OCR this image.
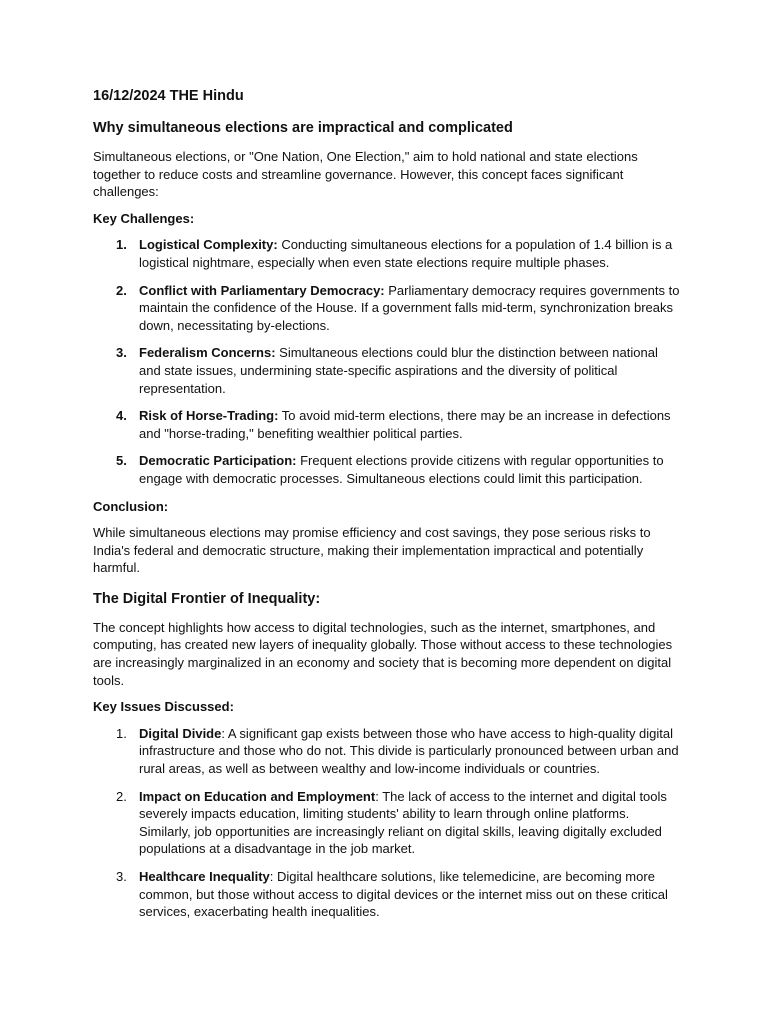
16/12/2024 THE Hindu
Why simultaneous elections are impractical and complicated

Simultaneous elections, or "One Nation, One Election," aim to hold national and state elections together to reduce costs and streamline governance. However, this concept faces significant challenges:

Key Challenges:
1. Logistical Complexity: Conducting simultaneous elections for a population of 1.4 billion is a logistical nightmare, especially when even state elections require multiple phases.
2. Conflict with Parliamentary Democracy: Parliamentary democracy requires governments to maintain the confidence of the House. If a government falls mid-term, synchronization breaks down, necessitating by-elections.
3. Federalism Concerns: Simultaneous elections could blur the distinction between national and state issues, undermining state-specific aspirations and the diversity of political representation.
4. Risk of Horse-Trading: To avoid mid-term elections, there may be an increase in defections and "horse-trading," benefiting wealthier political parties.
5. Democratic Participation: Frequent elections provide citizens with regular opportunities to engage with democratic processes. Simultaneous elections could limit this participation.
Conclusion:

While simultaneous elections may promise efficiency and cost savings, they pose serious risks to India's federal and democratic structure, making their implementation impractical and potentially harmful.

The Digital Frontier of Inequality:

The concept highlights how access to digital technologies, such as the internet, smartphones, and computing, has created new layers of inequality globally. Those without access to these technologies are increasingly marginalized in an economy and society that is becoming more dependent on digital tools.

Key Issues Discussed:
1. Digital Divide: A significant gap exists between those who have access to high-quality digital infrastructure and those who do not. This divide is particularly pronounced between urban and rural areas, as well as between wealthy and low-income individuals or countries.
2. Impact on Education and Employment: The lack of access to the internet and digital tools severely impacts education, limiting students' ability to learn through online platforms. Similarly, job opportunities are increasingly reliant on digital skills, leaving digitally excluded populations at a disadvantage in the job market.
3. Healthcare Inequality: Digital healthcare solutions, like telemedicine, are becoming more common, but those without access to digital devices or the internet miss out on these critical services, exacerbating health inequalities.
